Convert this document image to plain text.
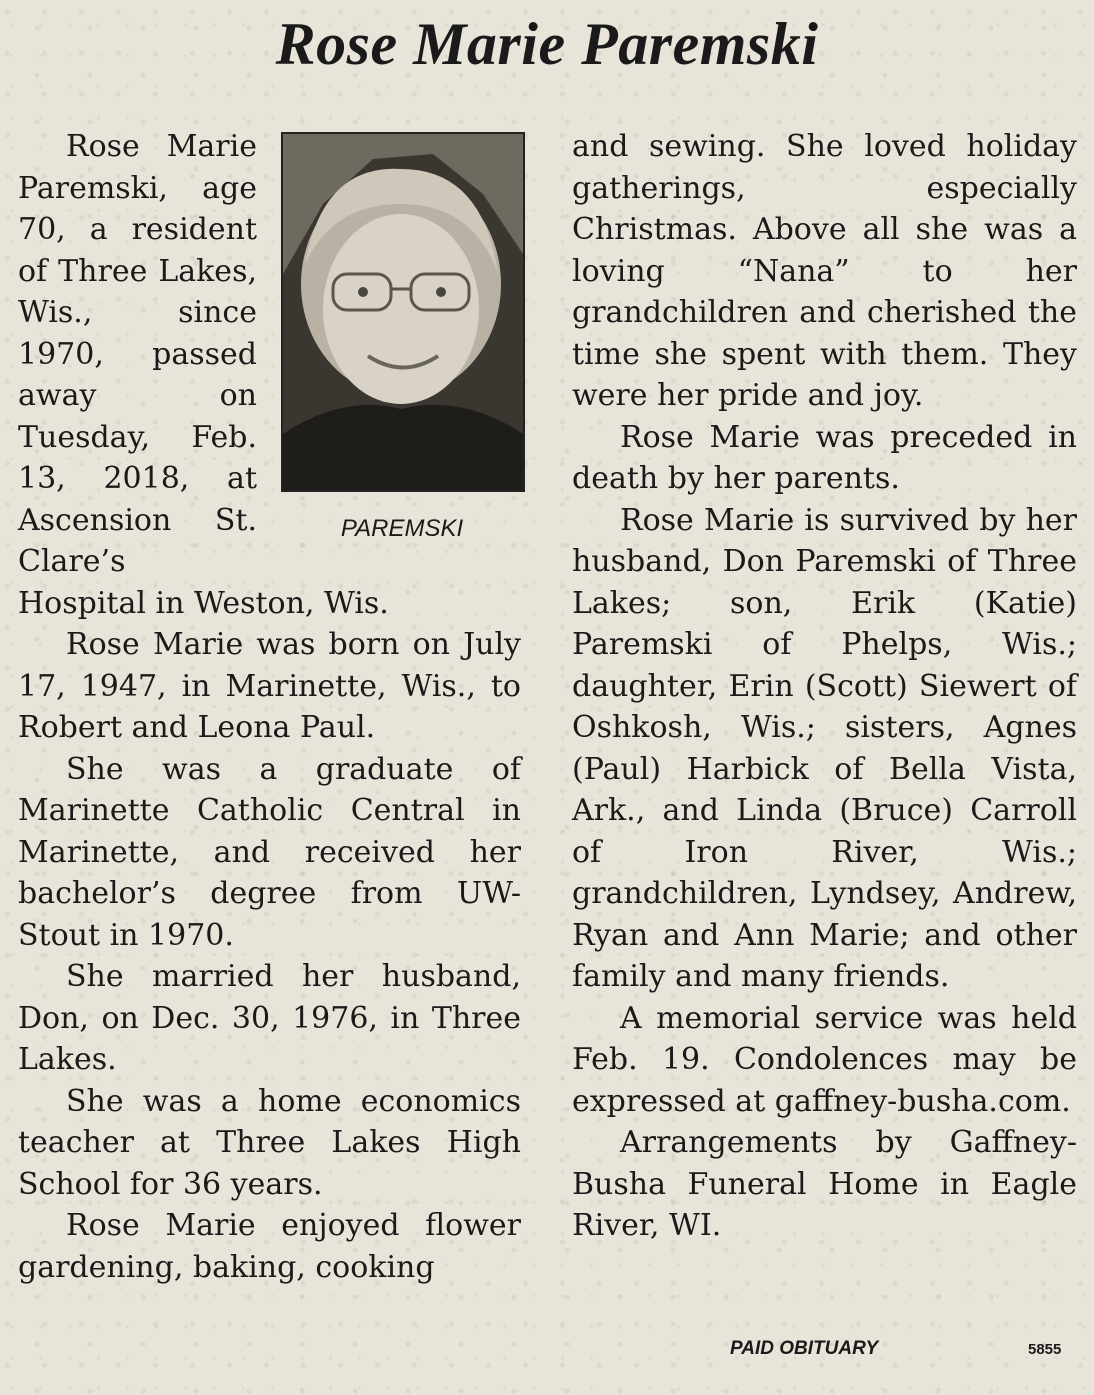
Rose Marie Paremski
PAREMSKI

Rose Marie Paremski, age 70, a resident of Three Lakes, Wis., since 1970, passed away on Tuesday, Feb. 13, 2018, at Ascension St. Clare’s Hospital in Weston, Wis.

Rose Marie was born on July 17, 1947, in Marinette, Wis., to Robert and Leona Paul.

She was a graduate of Marinette Catholic Central in Marinette, and received her bachelor’s degree from UW-Stout in 1970.

She married her husband, Don, on Dec. 30, 1976, in Three Lakes.

She was a home economics teacher at Three Lakes High School for 36 years.

Rose Marie enjoyed flower gardening, baking, cooking

and sewing. She loved holiday gatherings, especially Christmas. Above all she was a loving “Nana” to her grandchildren and cherished the time she spent with them. They were her pride and joy.

Rose Marie was preceded in death by her parents.

Rose Marie is survived by her husband, Don Paremski of Three Lakes; son, Erik (Katie) Paremski of Phelps, Wis.; daughter, Erin (Scott) Siewert of Oshkosh, Wis.; sisters, Agnes (Paul) Harbick of Bella Vista, Ark., and Linda (Bruce) Carroll of Iron River, Wis.; grandchildren, Lyndsey, Andrew, Ryan and Ann Marie; and other family and many friends.

A memorial service was held Feb. 19. Condolences may be expressed at gaffney-busha.com.

Arrangements by Gaffney-Busha Funeral Home in Eagle River, WI.

PAID OBITUARY	5855
